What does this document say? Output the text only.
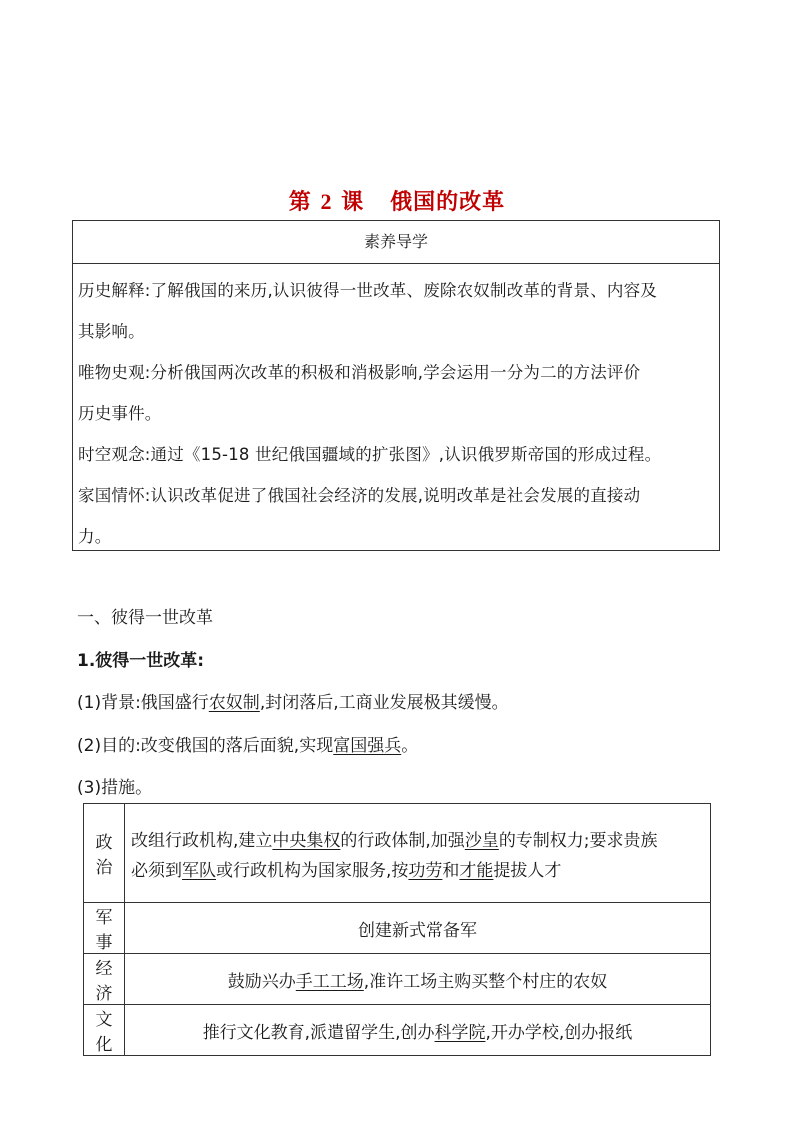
第 2 课 俄国的改革
素养导学

历史解释:了解俄国的来历,认识彼得一世改革、废除农奴制改革的背景、内容及

其影响。

唯物史观:分析俄国两次改革的积极和消极影响,学会运用一分为二的方法评价

历史事件。

时空观念:通过《15-18 世纪俄国疆域的扩张图》,认识俄罗斯帝国的形成过程。

家国情怀:认识改革促进了俄国社会经济的发展,说明改革是社会发展的直接动

力。

一、彼得一世改革
1.彼得一世改革:
(1)背景:俄国盛行农奴制,封闭落后,工商业发展极其缓慢。
(2)目的:改变俄国的落后面貌,实现富国强兵。
(3)措施。
政治	改组行政机构,建立中央集权的行政体制,加强沙皇的专制权力;要求贵族
必须到军队或行政机构为国家服务,按功劳和才能提拔人才
军事	创建新式常备军
经济	鼓励兴办手工工场,准许工场主购买整个村庄的农奴
文化	推行文化教育,派遣留学生,创办科学院,开办学校,创办报纸
